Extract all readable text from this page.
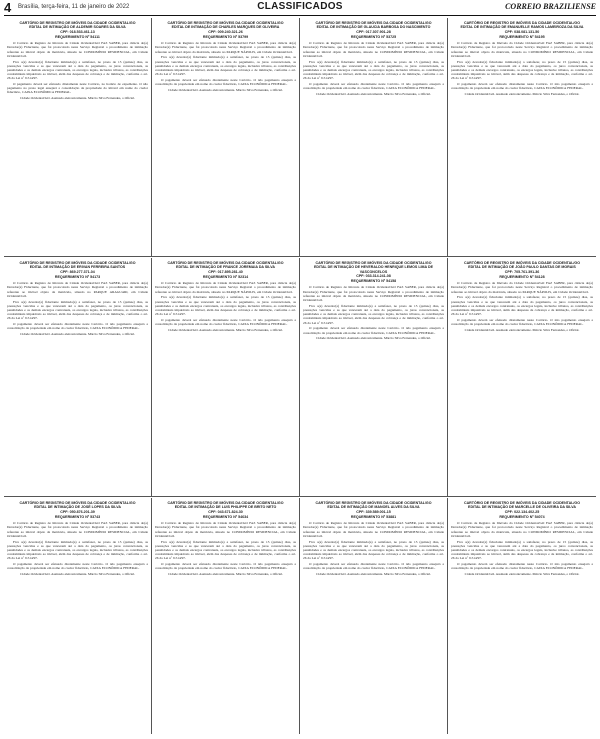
4 Brasília, terça-feira, 11 de janeiro de 2022	CLASSIFICADOS	CORREIO BRAZILIENSE
CARTÓRIO DE REGISTRO DE IMÓVEIS DA CIDADE OCIDENTAL/GO
EDITAL DE INTIMAÇÃO DE ALDEMIR SOARES DA SILVA
CPF: 018.533.461-13
REQUERIMENTO Nº 54111

O Cartório de Registro de Imóveis da Cidade Ocidental/GO FAZ SABER, para ciência do(a) Devedor(a) Fiduciante, que foi protocolado neste Serviço Registral o procedimento de intimação referente ao imóvel objeto da matrícula, situado no CONDOMÍNIO RESIDENCIAL, em Cidade Ocidental/GO.

Fica o(a) devedor(a) fiduciante intimado(a) a satisfazer, no prazo de 15 (quinze) dias, as prestações vencidas e as que vencerem até a data do pagamento, os juros convencionais, as penalidades e os demais encargos contratuais, os encargos legais, inclusive tributos, as contribuições condominiais imputáveis ao imóvel, além das despesas de cobrança e de intimação, conforme o art. 26 da Lei nº 9.514/97.

O pagamento deverá ser efetuado diretamente neste Cartório, no horário de expediente. O não pagamento no prazo legal ensejará a consolidação da propriedade do imóvel em nome do credor fiduciário, CAIXA ECONÔMICA FEDERAL.

Cidade Ocidental/GO. Assinado eletronicamente. Márcio Silva Fernandes, o Oficial.
CARTÓRIO DE REGISTRO DE IMÓVEIS DA CIDADE OCIDENTAL/GO
EDITAL DE INTIMAÇÃO DE CHARLES MARQUES DE OLIVEIRA
CPF: 009.240.321-26
REQUERIMENTO Nº 53799

O Cartório de Registro de Imóveis da Cidade Ocidental/GO FAZ SABER, para ciência do(a) Devedor(a) Fiduciante, que foi protocolado neste Serviço Registral o procedimento de intimação referente ao imóvel objeto da matrícula, situado no PARQUE NÁPOLIS, em Cidade Ocidental/GO.

Fica o(a) devedor(a) fiduciante intimado(a) a satisfazer, no prazo de 15 (quinze) dias, as prestações vencidas e as que vencerem até a data do pagamento, os juros convencionais, as penalidades e os demais encargos contratuais, os encargos legais, inclusive tributos, as contribuições condominiais imputáveis ao imóvel, além das despesas de cobrança e de intimação, conforme o art. 26 da Lei nº 9.514/97.

O pagamento deverá ser efetuado diretamente neste Cartório. O não pagamento ensejará a consolidação da propriedade em nome do credor fiduciário, CAIXA ECONÔMICA FEDERAL.

Cidade Ocidental/GO. Assinado eletronicamente. Márcio Silva Fernandes, o Oficial.
CARTÓRIO DE REGISTRO DE IMÓVEIS DA CIDADE OCIDENTAL/GO
EDITAL DE INTIMAÇÃO DE GLAUCIA BARBOSA DO NASCIMENTO
CPF: 017.307.901-28
REQUERIMENTO Nº 53725

O Cartório de Registro de Imóveis da Cidade Ocidental/GO FAZ SABER, para ciência do(a) Devedor(a) Fiduciante, que foi protocolado neste Serviço Registral o procedimento de intimação referente ao imóvel objeto da matrícula, situado no CONDOMÍNIO RESIDENCIAL, em Cidade Ocidental/GO.

Fica o(a) devedor(a) fiduciante intimado(a) a satisfazer, no prazo de 15 (quinze) dias, as prestações vencidas e as que vencerem até a data do pagamento, os juros convencionais, as penalidades e os demais encargos contratuais, os encargos legais, inclusive tributos, as contribuições condominiais imputáveis ao imóvel, além das despesas de cobrança e de intimação, conforme o art. 26 da Lei nº 9.514/97.

O pagamento deverá ser efetuado diretamente neste Cartório. O não pagamento ensejará a consolidação da propriedade em nome do credor fiduciário, CAIXA ECONÔMICA FEDERAL.

Cidade Ocidental/GO. Assinado eletronicamente. Márcio Silva Fernandes, o Oficial.
CARTÓRIO DE REGISTRO DE IMÓVEIS DA CIDADE OCIDENTAL/GO
EDITAL DE INTIMAÇÃO DE EMANUELLE RAMOS LAMEIROZA DA SILVA
CPF: 038.081.131-50
REQUERIMENTO Nº 54195

O Cartório de Registro de Imóveis da Cidade Ocidental/GO FAZ SABER, para ciência do(a) Devedor(a) Fiduciante, que foi protocolado neste Serviço Registral o procedimento de intimação referente ao imóvel objeto da matrícula, situado no CONDOMÍNIO RESIDENCIAL, em Cidade Ocidental/GO.

Fica o(a) devedor(a) fiduciante intimado(a) a satisfazer, no prazo de 15 (quinze) dias, as prestações vencidas e as que vencerem até a data do pagamento, os juros convencionais, as penalidades e os demais encargos contratuais, os encargos legais, inclusive tributos, as contribuições condominiais imputáveis ao imóvel, além das despesas de cobrança e de intimação, conforme o art. 26 da Lei nº 9.514/97.

O pagamento deverá ser efetuado diretamente neste Cartório. O não pagamento ensejará a consolidação da propriedade em nome do credor fiduciário, CAIXA ECONÔMICA FEDERAL.

Cidade Ocidental/GO. Assinado eletronicamente. Márcio Silva Fernandes, o Oficial.
CARTÓRIO DE REGISTRO DE IMÓVEIS DA CIDADE OCIDENTAL/GO
EDITAL DE INTIMAÇÃO DE ERIVAN FERREIRA SANTOS
CPF: 869.277.371-04
REQUERIMENTO Nº 54173

O Cartório de Registro de Imóveis da Cidade Ocidental/GO FAZ SABER, para ciência do(a) Devedor(a) Fiduciante, que foi protocolado neste Serviço Registral o procedimento de intimação referente ao imóvel objeto da matrícula, situado no PARQUE ARAGUARI, em Cidade Ocidental/GO.

Fica o(a) devedor(a) fiduciante intimado(a) a satisfazer, no prazo de 15 (quinze) dias, as prestações vencidas e as que vencerem até a data do pagamento, os juros convencionais, as penalidades e os demais encargos contratuais, os encargos legais, inclusive tributos, as contribuições condominiais imputáveis ao imóvel, além das despesas de cobrança e de intimação, conforme o art. 26 da Lei nº 9.514/97.

O pagamento deverá ser efetuado diretamente neste Cartório. O não pagamento ensejará a consolidação da propriedade em nome do credor fiduciário, CAIXA ECONÔMICA FEDERAL.

Cidade Ocidental/GO. Assinado eletronicamente. Márcio Silva Fernandes, o Oficial.
CARTÓRIO DE REGISTRO DE IMÓVEIS DA CIDADE OCIDENTAL/GO
EDITAL DE INTIMAÇÃO DE FRANCE JOREMAIA DA SILVA
CPF: 017.895.281-40
REQUERIMENTO Nº 52314

O Cartório de Registro de Imóveis da Cidade Ocidental/GO FAZ SABER, para ciência do(a) Devedor(a) Fiduciante, que foi protocolado neste Serviço Registral o procedimento de intimação referente ao imóvel objeto da matrícula, situado no PARQUE NÁPOLIS, em Cidade Ocidental/GO.

Fica o(a) devedor(a) fiduciante intimado(a) a satisfazer, no prazo de 15 (quinze) dias, as prestações vencidas e as que vencerem até a data do pagamento, os juros convencionais, as penalidades e os demais encargos contratuais, os encargos legais, inclusive tributos, as contribuições condominiais imputáveis ao imóvel, além das despesas de cobrança e de intimação, conforme o art. 26 da Lei nº 9.514/97.

O pagamento deverá ser efetuado diretamente neste Cartório. O não pagamento ensejará a consolidação da propriedade em nome do credor fiduciário, CAIXA ECONÔMICA FEDERAL.

Cidade Ocidental/GO. Assinado eletronicamente. Márcio Silva Fernandes, o Oficial.
CARTÓRIO DE REGISTRO DE IMÓVEIS DA CIDADE OCIDENTAL/GO
EDITAL DE INTIMAÇÃO DE HEVERALDO HENRIQUE LEMOS LIMA DE VASCONCELOS
CPF: 033.314.241-08
REQUERIMENTO Nº 54158

O Cartório de Registro de Imóveis da Cidade Ocidental/GO FAZ SABER, para ciência do(a) Devedor(a) Fiduciante, que foi protocolado neste Serviço Registral o procedimento de intimação referente ao imóvel objeto da matrícula, situado no CONDOMÍNIO RESIDENCIAL, em Cidade Ocidental/GO.

Fica o(a) devedor(a) fiduciante intimado(a) a satisfazer, no prazo de 15 (quinze) dias, as prestações vencidas e as que vencerem até a data do pagamento, os juros convencionais, as penalidades e os demais encargos contratuais, os encargos legais, inclusive tributos, as contribuições condominiais imputáveis ao imóvel, além das despesas de cobrança e de intimação, conforme o art. 26 da Lei nº 9.514/97.

O pagamento deverá ser efetuado diretamente neste Cartório. O não pagamento ensejará a consolidação da propriedade em nome do credor fiduciário, CAIXA ECONÔMICA FEDERAL.

Cidade Ocidental/GO. Assinado eletronicamente. Márcio Silva Fernandes, o Oficial.
CARTÓRIO DE REGISTRO DE IMÓVEIS DA CIDADE OCIDENTAL/GO
EDITAL DE INTIMAÇÃO DE JOÃO PAULO DANTAS DE MORAIS
CPF: 705.761.391-36
REQUERIMENTO Nº 54128

O Cartório de Registro de Imóveis da Cidade Ocidental/GO FAZ SABER, para ciência do(a) Devedor(a) Fiduciante, que foi protocolado neste Serviço Registral o procedimento de intimação referente ao imóvel objeto da matrícula, situado no PARQUE NÁPOLIS, em Cidade Ocidental/GO.

Fica o(a) devedor(a) fiduciante intimado(a) a satisfazer, no prazo de 15 (quinze) dias, as prestações vencidas e as que vencerem até a data do pagamento, os juros convencionais, as penalidades e os demais encargos contratuais, os encargos legais, inclusive tributos, as contribuições condominiais imputáveis ao imóvel, além das despesas de cobrança e de intimação, conforme o art. 26 da Lei nº 9.514/97.

O pagamento deverá ser efetuado diretamente neste Cartório. O não pagamento ensejará a consolidação da propriedade em nome do credor fiduciário, CAIXA ECONÔMICA FEDERAL.

Cidade Ocidental/GO. Assinado eletronicamente. Márcio Silva Fernandes, o Oficial.
CARTÓRIO DE REGISTRO DE IMÓVEIS DA CIDADE OCIDENTAL/GO
EDITAL DE INTIMAÇÃO DE JOSÉ LOPES DA SILVA
CPF: 050.876.201-39
REQUERIMENTO Nº 53743

O Cartório de Registro de Imóveis da Cidade Ocidental/GO FAZ SABER, para ciência do(a) Devedor(a) Fiduciante, que foi protocolado neste Serviço Registral o procedimento de intimação referente ao imóvel objeto da matrícula, situado no CONDOMÍNIO RESIDENCIAL, em Cidade Ocidental/GO.

Fica o(a) devedor(a) fiduciante intimado(a) a satisfazer, no prazo de 15 (quinze) dias, as prestações vencidas e as que vencerem até a data do pagamento, os juros convencionais, as penalidades e os demais encargos contratuais, os encargos legais, inclusive tributos, as contribuições condominiais imputáveis ao imóvel, além das despesas de cobrança e de intimação, conforme o art. 26 da Lei nº 9.514/97.

O pagamento deverá ser efetuado diretamente neste Cartório. O não pagamento ensejará a consolidação da propriedade em nome do credor fiduciário, CAIXA ECONÔMICA FEDERAL.

Cidade Ocidental/GO. Assinado eletronicamente. Márcio Silva Fernandes, o Oficial.
CARTÓRIO DE REGISTRO DE IMÓVEIS DA CIDADE OCIDENTAL/GO
EDITAL DE INTIMAÇÃO DE LUIS PHILIPPE DE BRITO NETO
CPF: 043.671.824-30
REQUERIMENTO Nº 54634

O Cartório de Registro de Imóveis da Cidade Ocidental/GO FAZ SABER, para ciência do(a) Devedor(a) Fiduciante, que foi protocolado neste Serviço Registral o procedimento de intimação referente ao imóvel objeto da matrícula, situado no CONDOMÍNIO RESIDENCIAL, em Cidade Ocidental/GO.

Fica o(a) devedor(a) fiduciante intimado(a) a satisfazer, no prazo de 15 (quinze) dias, as prestações vencidas e as que vencerem até a data do pagamento, os juros convencionais, as penalidades e os demais encargos contratuais, os encargos legais, inclusive tributos, as contribuições condominiais imputáveis ao imóvel, além das despesas de cobrança e de intimação, conforme o art. 26 da Lei nº 9.514/97.

O pagamento deverá ser efetuado diretamente neste Cartório. O não pagamento ensejará a consolidação da propriedade em nome do credor fiduciário, CAIXA ECONÔMICA FEDERAL.

Cidade Ocidental/GO. Assinado eletronicamente. Márcio Silva Fernandes, o Oficial.
CARTÓRIO DE REGISTRO DE IMÓVEIS DA CIDADE OCIDENTAL/GO
EDITAL DE INTIMAÇÃO DE MANOEL ALVES DA SILVA
CPF: 339.589.001-15
REQUERIMENTO Nº 53881

O Cartório de Registro de Imóveis da Cidade Ocidental/GO FAZ SABER, para ciência do(a) Devedor(a) Fiduciante, que foi protocolado neste Serviço Registral o procedimento de intimação referente ao imóvel objeto da matrícula, situado no CONDOMÍNIO RESIDENCIAL, em Cidade Ocidental/GO.

Fica o(a) devedor(a) fiduciante intimado(a) a satisfazer, no prazo de 15 (quinze) dias, as prestações vencidas e as que vencerem até a data do pagamento, os juros convencionais, as penalidades e os demais encargos contratuais, os encargos legais, inclusive tributos, as contribuições condominiais imputáveis ao imóvel, além das despesas de cobrança e de intimação, conforme o art. 26 da Lei nº 9.514/97.

O pagamento deverá ser efetuado diretamente neste Cartório. O não pagamento ensejará a consolidação da propriedade em nome do credor fiduciário, CAIXA ECONÔMICA FEDERAL.

Cidade Ocidental/GO. Assinado eletronicamente. Márcio Silva Fernandes, o Oficial.
CARTÓRIO DE REGISTRO DE IMÓVEIS DA CIDADE OCIDENTAL/GO
EDITAL DE INTIMAÇÃO DE MARCELLE DE OLIVEIRA DA SILVA
CPF: 022.134.402-25
REQUERIMENTO Nº 54074

O Cartório de Registro de Imóveis da Cidade Ocidental/GO FAZ SABER, para ciência do(a) Devedor(a) Fiduciante, que foi protocolado neste Serviço Registral o procedimento de intimação referente ao imóvel objeto da matrícula, situado no CONDOMÍNIO RESIDENCIAL, em Cidade Ocidental/GO.

Fica o(a) devedor(a) fiduciante intimado(a) a satisfazer, no prazo de 15 (quinze) dias, as prestações vencidas e as que vencerem até a data do pagamento, os juros convencionais, as penalidades e os demais encargos contratuais, os encargos legais, inclusive tributos, as contribuições condominiais imputáveis ao imóvel, além das despesas de cobrança e de intimação, conforme o art. 26 da Lei nº 9.514/97.

O pagamento deverá ser efetuado diretamente neste Cartório. O não pagamento ensejará a consolidação da propriedade em nome do credor fiduciário, CAIXA ECONÔMICA FEDERAL.

Cidade Ocidental/GO. Assinado eletronicamente. Márcio Silva Fernandes, o Oficial.
